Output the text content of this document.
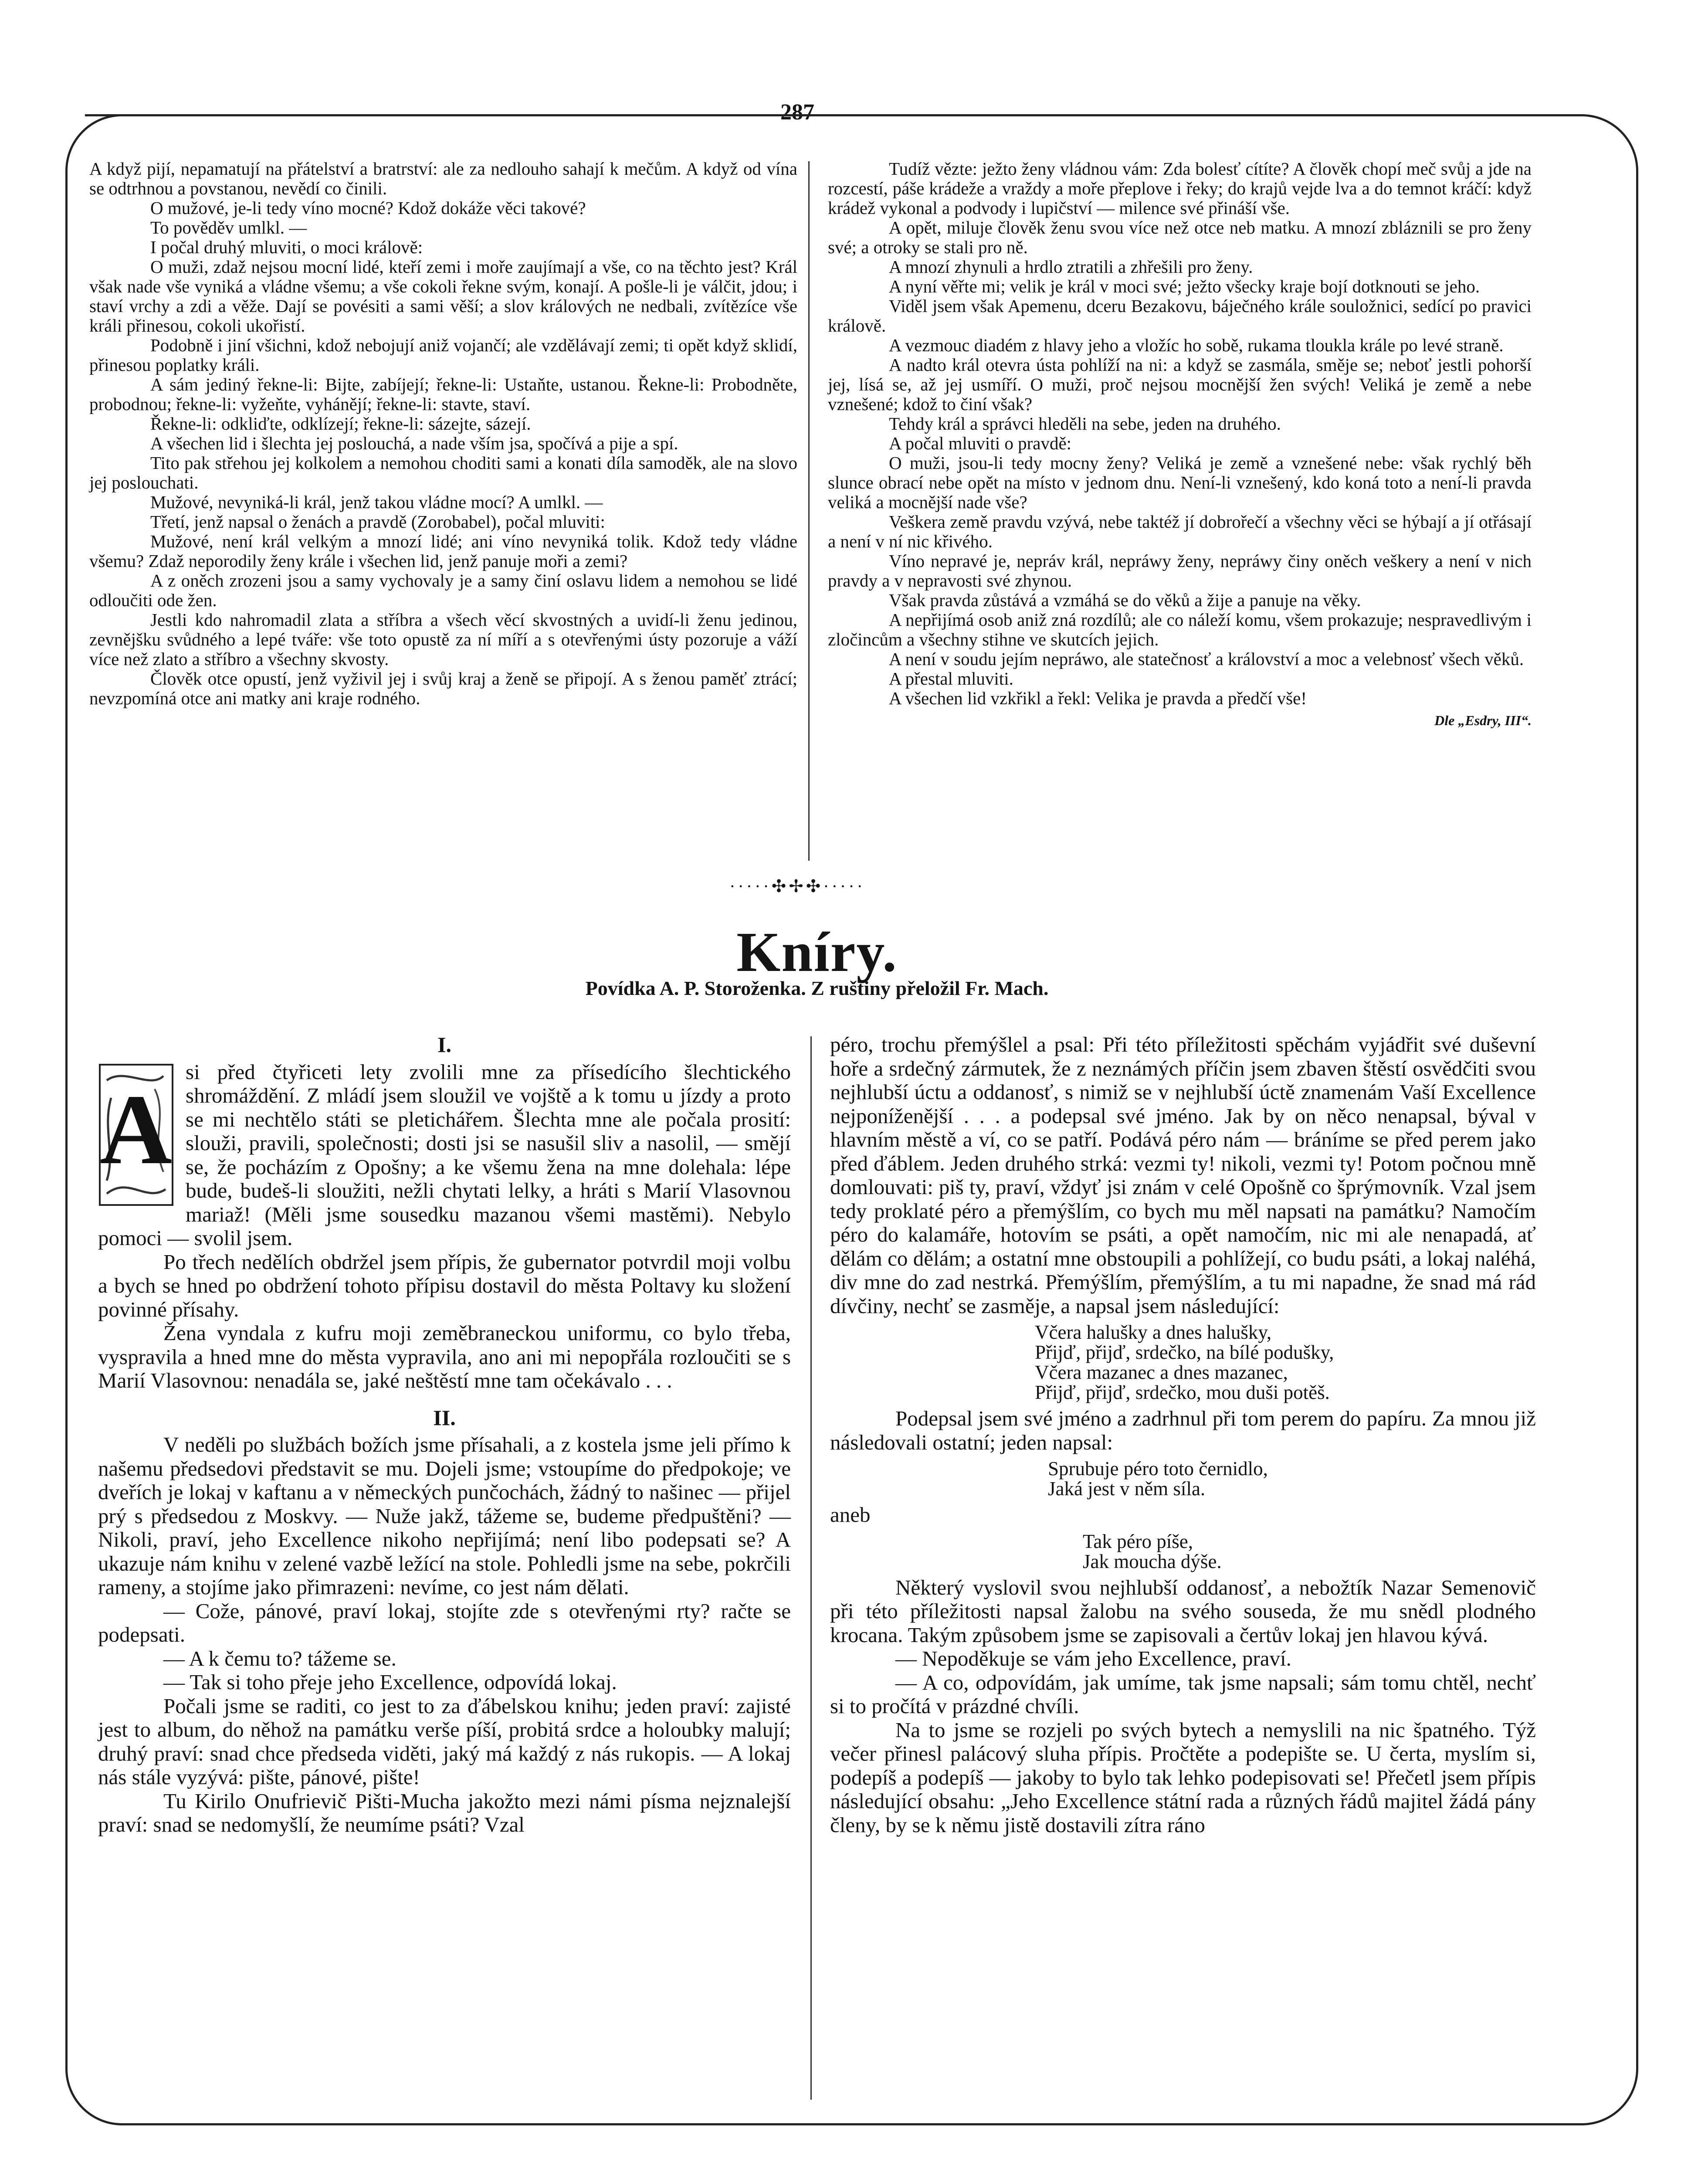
287

A když pijí, nepamatují na přátelství a bratrství: ale za nedlouho sahají k mečům. A když od vína se odtrhnou a povstanou, nevědí co činili.

O mužové, je-li tedy víno mocné? Kdož dokáže věci takové?

To pověděv umlkl. —

I počal druhý mluviti, o moci králově:

O muži, zdaž nejsou mocní lidé, kteří zemi i moře zaujímají a vše, co na těchto jest? Král však nade vše vyniká a vládne všemu; a vše cokoli řekne svým, konají. A pošle-li je válčit, jdou; i staví vrchy a zdi a věže. Dají se povésiti a sami věší; a slov králových ne nedbali, zvítězíce vše králi přinesou, cokoli ukořistí.

Podobně i jiní všichni, kdož nebojují aniž vojančí; ale vzdělávají zemi; ti opět když sklidí, přinesou poplatky králi.

A sám jediný řekne-li: Bijte, zabíjejí; řekne-li: Ustaňte, ustanou. Řekne-li: Probodněte, probodnou; řekne-li: vyžeňte, vyhánějí; řekne-li: stavte, staví.

Řekne-li: odkliďte, odklízejí; řekne-li: sázejte, sázejí.

A všechen lid i šlechta jej poslouchá, a nade vším jsa, spočívá a pije a spí.

Tito pak střehou jej kolkolem a nemohou choditi sami a konati díla samoděk, ale na slovo jej poslouchati.

Mužové, nevyniká-li král, jenž takou vládne mocí? A umlkl. —

Třetí, jenž napsal o ženách a pravdě (Zorobabel), počal mluviti:

Mužové, není král velkým a mnozí lidé; ani víno nevyniká tolik. Kdož tedy vládne všemu? Zdaž neporodily ženy krále i všechen lid, jenž panuje moři a zemi?

A z oněch zrozeni jsou a samy vychovaly je a samy činí oslavu lidem a nemohou se lidé odloučiti ode žen.

Jestli kdo nahromadil zlata a stříbra a všech věcí skvostných a uvidí-li ženu jedinou, zevnějšku svůdného a lepé tváře: vše toto opustě za ní míří a s otevřenými ústy pozoruje a váží více než zlato a stříbro a všechny skvosty.

Člověk otce opustí, jenž vyživil jej i svůj kraj a ženě se připojí. A s ženou paměť ztrácí; nevzpomíná otce ani matky ani kraje rodného.

Tudíž vězte: ježto ženy vládnou vám: Zda bolesť cítíte? A člověk chopí meč svůj a jde na rozcestí, páše krádeže a vraždy a moře přeplove i řeky; do krajů vejde lva a do temnot kráčí: když krádež vykonal a podvody i lupičství — milence své přináší vše.

A opět, miluje člověk ženu svou více než otce neb matku. A mnozí zbláznili se pro ženy své; a otroky se stali pro ně.

A mnozí zhynuli a hrdlo ztratili a zhřešili pro ženy.

A nyní věřte mi; velik je král v moci své; ježto všecky kraje bojí dotknouti se jeho.

Viděl jsem však Apemenu, dceru Bezakovu, báječného krále souložnici, sedící po pravici králově.

A vezmouc diadém z hlavy jeho a vložíc ho sobě, rukama tloukla krále po levé straně.

A nadto král otevra ústa pohlíží na ni: a když se zasmála, směje se; neboť jestli pohorší jej, lísá se, až jej usmíří. O muži, proč nejsou mocnější žen svých! Veliká je země a nebe vznešené; kdož to činí však?

Tehdy král a správci hleděli na sebe, jeden na druhého.

A počal mluviti o pravdě:

O muži, jsou-li tedy mocny ženy? Veliká je země a vznešené nebe: však rychlý běh slunce obrací nebe opět na místo v jednom dnu. Není-li vznešený, kdo koná toto a není-li pravda veliká a mocnější nade vše?

Veškera země pravdu vzývá, nebe taktéž jí dobrořečí a všechny věci se hýbají a jí otřásají a není v ní nic křivého.

Víno nepravé je, nepráv král, nepráwy ženy, nepráwy činy oněch veškery a není v nich pravdy a v nepravosti své zhynou.

Však pravda zůstává a vzmáhá se do věků a žije a panuje na věky.

A nepřijímá osob aniž zná rozdílů; ale co náleží komu, všem prokazuje; nespravedlivým i zločincům a všechny stihne ve skutcích jejich.

A není v soudu jejím nepráwo, ale statečnosť a království a moc a velebnosť všech věků.

A přestal mluviti.

A všechen lid vzkřikl a řekl: Velika je pravda a předčí vše!

Dle „Esdry, III“.
·····✣✢✣·····
Kníry.
Povídka A. P. Storoženka. Z ruštiny přeložil Fr. Mach.
I.
A

si před čtyřiceti lety zvolili mne za přísedícího šlechtického shromáždění. Z mládí jsem sloužil ve vojště a k tomu u jízdy a proto se mi nechtělo státi se pletichářem. Šlechta mne ale počala prosití: slouži, pravili, společnosti; dosti jsi se nasušil sliv a nasolil, — smějí se, že pocházím z Opošny; a ke všemu žena na mne dolehala: lépe bude, budeš-li sloužiti, nežli chytati lelky, a hráti s Marií Vlasovnou mariaž! (Měli jsme sousedku mazanou všemi mastěmi). Nebylo pomoci — svolil jsem.

Po třech nedělích obdržel jsem přípis, že gubernator potvrdil moji volbu a bych se hned po obdržení tohoto přípisu dostavil do města Poltavy ku složení povinné přísahy.

Žena vyndala z kufru moji zeměbraneckou uniformu, co bylo třeba, vyspravila a hned mne do města vypravila, ano ani mi nepopřála rozloučiti se s Marií Vlasovnou: nenadála se, jaké neštěstí mne tam očekávalo . . .

II.

V neděli po službách božích jsme přísahali, a z kostela jsme jeli přímo k našemu předsedovi představit se mu. Dojeli jsme; vstoupíme do předpokoje; ve dveřích je lokaj v kaftanu a v německých punčochách, žádný to našinec — přijel prý s předsedou z Moskvy. — Nuže jakž, tážeme se, budeme předpuštěni? — Nikoli, praví, jeho Excellence nikoho nepřijímá; není libo podepsati se? A ukazuje nám knihu v zelené vazbě ležící na stole. Pohledli jsme na sebe, pokrčili rameny, a stojíme jako přimrazeni: nevíme, co jest nám dělati.

— Cože, pánové, praví lokaj, stojíte zde s otevřenými rty? račte se podepsati.

— A k čemu to? tážeme se.

— Tak si toho přeje jeho Excellence, odpovídá lokaj.

Počali jsme se raditi, co jest to za ďábelskou knihu; jeden praví: zajisté jest to album, do něhož na památku verše píší, probitá srdce a holoubky malují; druhý praví: snad chce předseda viděti, jaký má každý z nás rukopis. — A lokaj nás stále vyzývá: pište, pánové, pište!

Tu Kirilo Onufrievič Pišti-Mucha jakožto mezi námi písma nejznalejší praví: snad se nedomyšlí, že neumíme psáti? Vzal

péro, trochu přemýšlel a psal: Při této příležitosti spěchám vyjádřit své duševní hoře a srdečný zármutek, že z neznámých příčin jsem zbaven štěstí osvědčiti svou nejhlubší úctu a oddanosť, s nimiž se v nejhlubší úctě znamenám Vaší Excellence nejponíženější . . . a podepsal své jméno. Jak by on něco nenapsal, býval v hlavním městě a ví, co se patří. Podává péro nám — bráníme se před perem jako před ďáblem. Jeden druhého strká: vezmi ty! nikoli, vezmi ty! Potom počnou mně domlouvati: piš ty, praví, vždyť jsi znám v celé Opošně co šprýmovník. Vzal jsem tedy proklaté péro a přemýšlím, co bych mu měl napsati na památku? Namočím péro do kalamáře, hotovím se psáti, a opět namočím, nic mi ale nenapadá, ať dělám co dělám; a ostatní mne obstoupili a pohlížejí, co budu psáti, a lokaj naléhá, div mne do zad nestrká. Přemýšlím, přemýšlím, a tu mi napadne, že snad má rád dívčiny, nechť se zasměje, a napsal jsem následující:

Včera halušky a dnes halušky,
Přijď, přijď, srdečko, na bílé podušky,
Včera mazanec a dnes mazanec,
Přijď, přijď, srdečko, mou duši potěš.

Podepsal jsem své jméno a zadrhnul při tom perem do papíru. Za mnou již následovali ostatní; jeden napsal:

Sprubuje péro toto černidlo,
Jaká jest v něm síla.
aneb
Tak péro píše,
Jak moucha dýše.

Některý vyslovil svou nejhlubší oddanosť, a nebožtík Nazar Semenovič při této příležitosti napsal žalobu na svého souseda, že mu snědl plodného krocana. Takým způsobem jsme se zapisovali a čertův lokaj jen hlavou kývá.

— Nepoděkuje se vám jeho Excellence, praví.

— A co, odpovídám, jak umíme, tak jsme napsali; sám tomu chtěl, nechť si to pročítá v prázdné chvíli.

Na to jsme se rozjeli po svých bytech a nemyslili na nic špatného. Týž večer přinesl palácový sluha přípis. Pročtěte a podepište se. U čerta, myslím si, podepíš a podepíš — jakoby to bylo tak lehko podepisovati se! Přečetl jsem přípis následující obsahu: „Jeho Excellence státní rada a různých řádů majitel žádá pány členy, by se k němu jistě dostavili zítra ráno
